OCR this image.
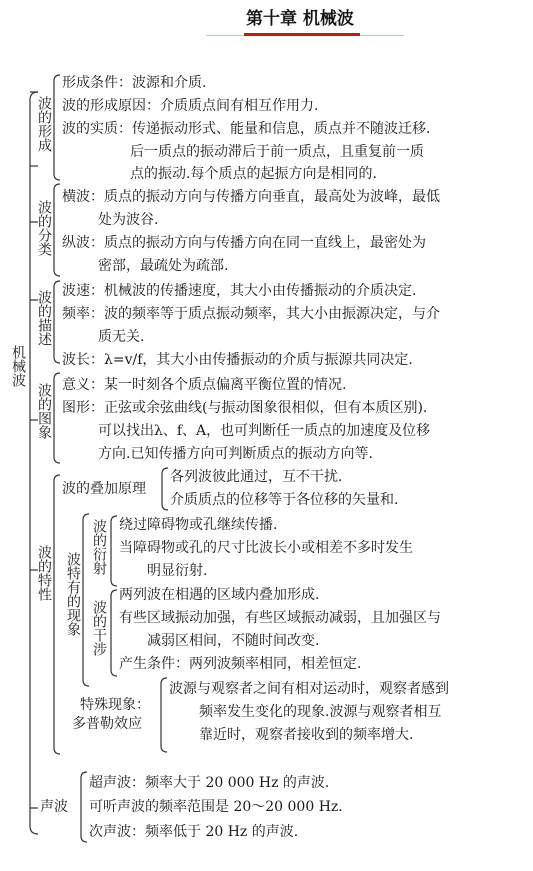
第十章 机械波
机械波
波的形成
形成条件：波源和介质.
波的形成原因：介质质点间有相互作用力.
波的实质：传递振动形式、能量和信息，质点并不随波迁移.
后一质点的振动滞后于前一质点，且重复前一质
点的振动.每个质点的起振方向是相同的.
波的分类
横波：质点的振动方向与传播方向垂直，最高处为波峰，最低
处为波谷.
纵波：质点的振动方向与传播方向在同一直线上，最密处为
密部，最疏处为疏部.
波的描述 波速：机械波的传播速度，其大小由传播振动的介质决定.
频率：波的频率等于质点振动频率，其大小由振源决定，与介
质无关.
波长：λ=v/f，其大小由传播振动的介质与振源共同决定.
波的图象 意义：某一时刻各个质点偏离平衡位置的情况.
图形：正弦或余弦曲线(与振动图象很相似，但有本质区别).
可以找出λ、f、A，也可判断任一质点的加速度及位移
方向.已知传播方向可判断质点的振动方向等.
波的特性
波的叠加原理
各列波彼此通过，互不干扰.
介质质点的位移等于各位移的矢量和.
波特有的现象
波的衍射 绕过障碍物或孔继续传播.
当障碍物或孔的尺寸比波长小或相差不多时发生
明显衍射.
波的干涉
两列波在相遇的区域内叠加形成.
有些区域振动加强，有些区域振动减弱，且加强区与
减弱区相间，不随时间改变.
产生条件：两列波频率相同，相差恒定.
特殊现象：
多普勒效应
波源与观察者之间有相对运动时，观察者感到
频率发生变化的现象.波源与观察者相互
靠近时，观察者接收到的频率增大.
声波
超声波：频率大于 20 000 Hz 的声波.
可听声波的频率范围是 20～20 000 Hz.
次声波：频率低于 20 Hz 的声波.
